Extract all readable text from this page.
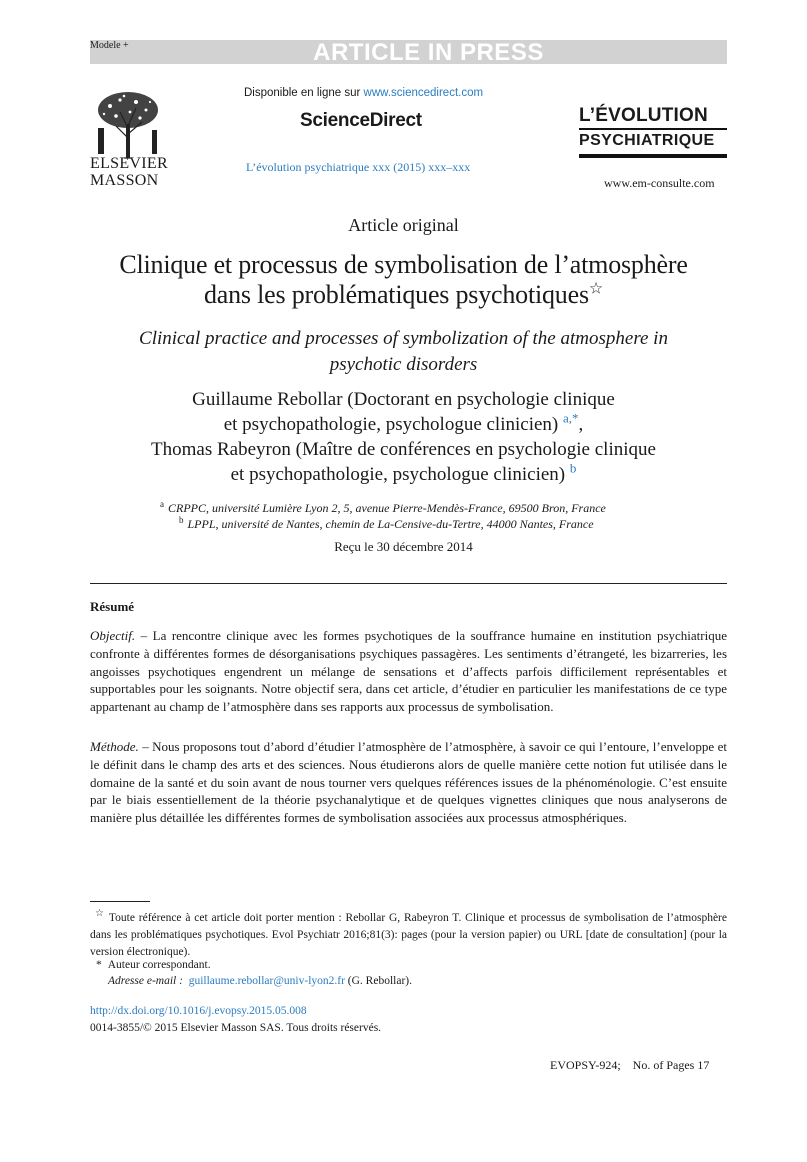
ARTICLE IN PRESS
Modele +
ELSEVIER
MASSON
Disponible en ligne sur www.sciencedirect.com
ScienceDirect
L’évolution psychiatrique xxx (2015) xxx–xxx
L’ÉVOLUTION
PSYCHIATRIQUE
www.em-consulte.com
Article original
Clinique et processus de symbolisation de l’atmosphère
dans les problématiques psychotiques☆
Clinical practice and processes of symbolization of the atmosphere in
psychotic disorders
Guillaume Rebollar (Doctorant en psychologie clinique
et psychopathologie, psychologue clinicien) $^{a,*}$,
Thomas Rabeyron (Maître de conférences en psychologie clinique
et psychopathologie, psychologue clinicien) $^b$
$^a$ CRPPC, université Lumière Lyon 2, 5, avenue Pierre-Mendès-France, 69500 Bron, France
$^b$ LPPL, université de Nantes, chemin de La-Censive-du-Tertre, 44000 Nantes, France
Reçu le 30 décembre 2014
Résumé
Objectif. – La rencontre clinique avec les formes psychotiques de la souffrance humaine en institution psychiatrique confronte à différentes formes de désorganisations psychiques passagères. Les sentiments d’étrangeté, les bizarreries, les angoisses psychotiques engendrent un mélange de sensations et d’affects parfois difficilement représentables et supportables pour les soignants. Notre objectif sera, dans cet article, d’étudier en particulier les manifestations de ce type appartenant au champ de l’atmosphère dans ses rapports aux processus de symbolisation.
Méthode. – Nous proposons tout d’abord d’étudier l’atmosphère de l’atmosphère, à savoir ce qui l’entoure, l’enveloppe et le définit dans le champ des arts et des sciences. Nous étudierons alors de quelle manière cette notion fut utilisée dans le domaine de la santé et du soin avant de nous tourner vers quelques références issues de la phénoménologie. C’est ensuite par le biais essentiellement de la théorie psychanalytique et de quelques vignettes cliniques que nous analyserons de manière plus détaillée les différentes formes de symbolisation associées aux processus atmosphériques.
☆ Toute référence à cet article doit porter mention : Rebollar G, Rabeyron T. Clinique et processus de symbolisation de l’atmosphère dans les problématiques psychotiques. Evol Psychiatr 2016;81(3): pages (pour la version papier) ou URL [date de consultation] (pour la version électronique).
* Auteur correspondant.
Adresse e-mail : guillaume.rebollar@univ-lyon2.fr (G. Rebollar).
http://dx.doi.org/10.1016/j.evopsy.2015.05.008
0014-3855/© 2015 Elsevier Masson SAS. Tous droits réservés.
EVOPSY-924;    No. of Pages 17
